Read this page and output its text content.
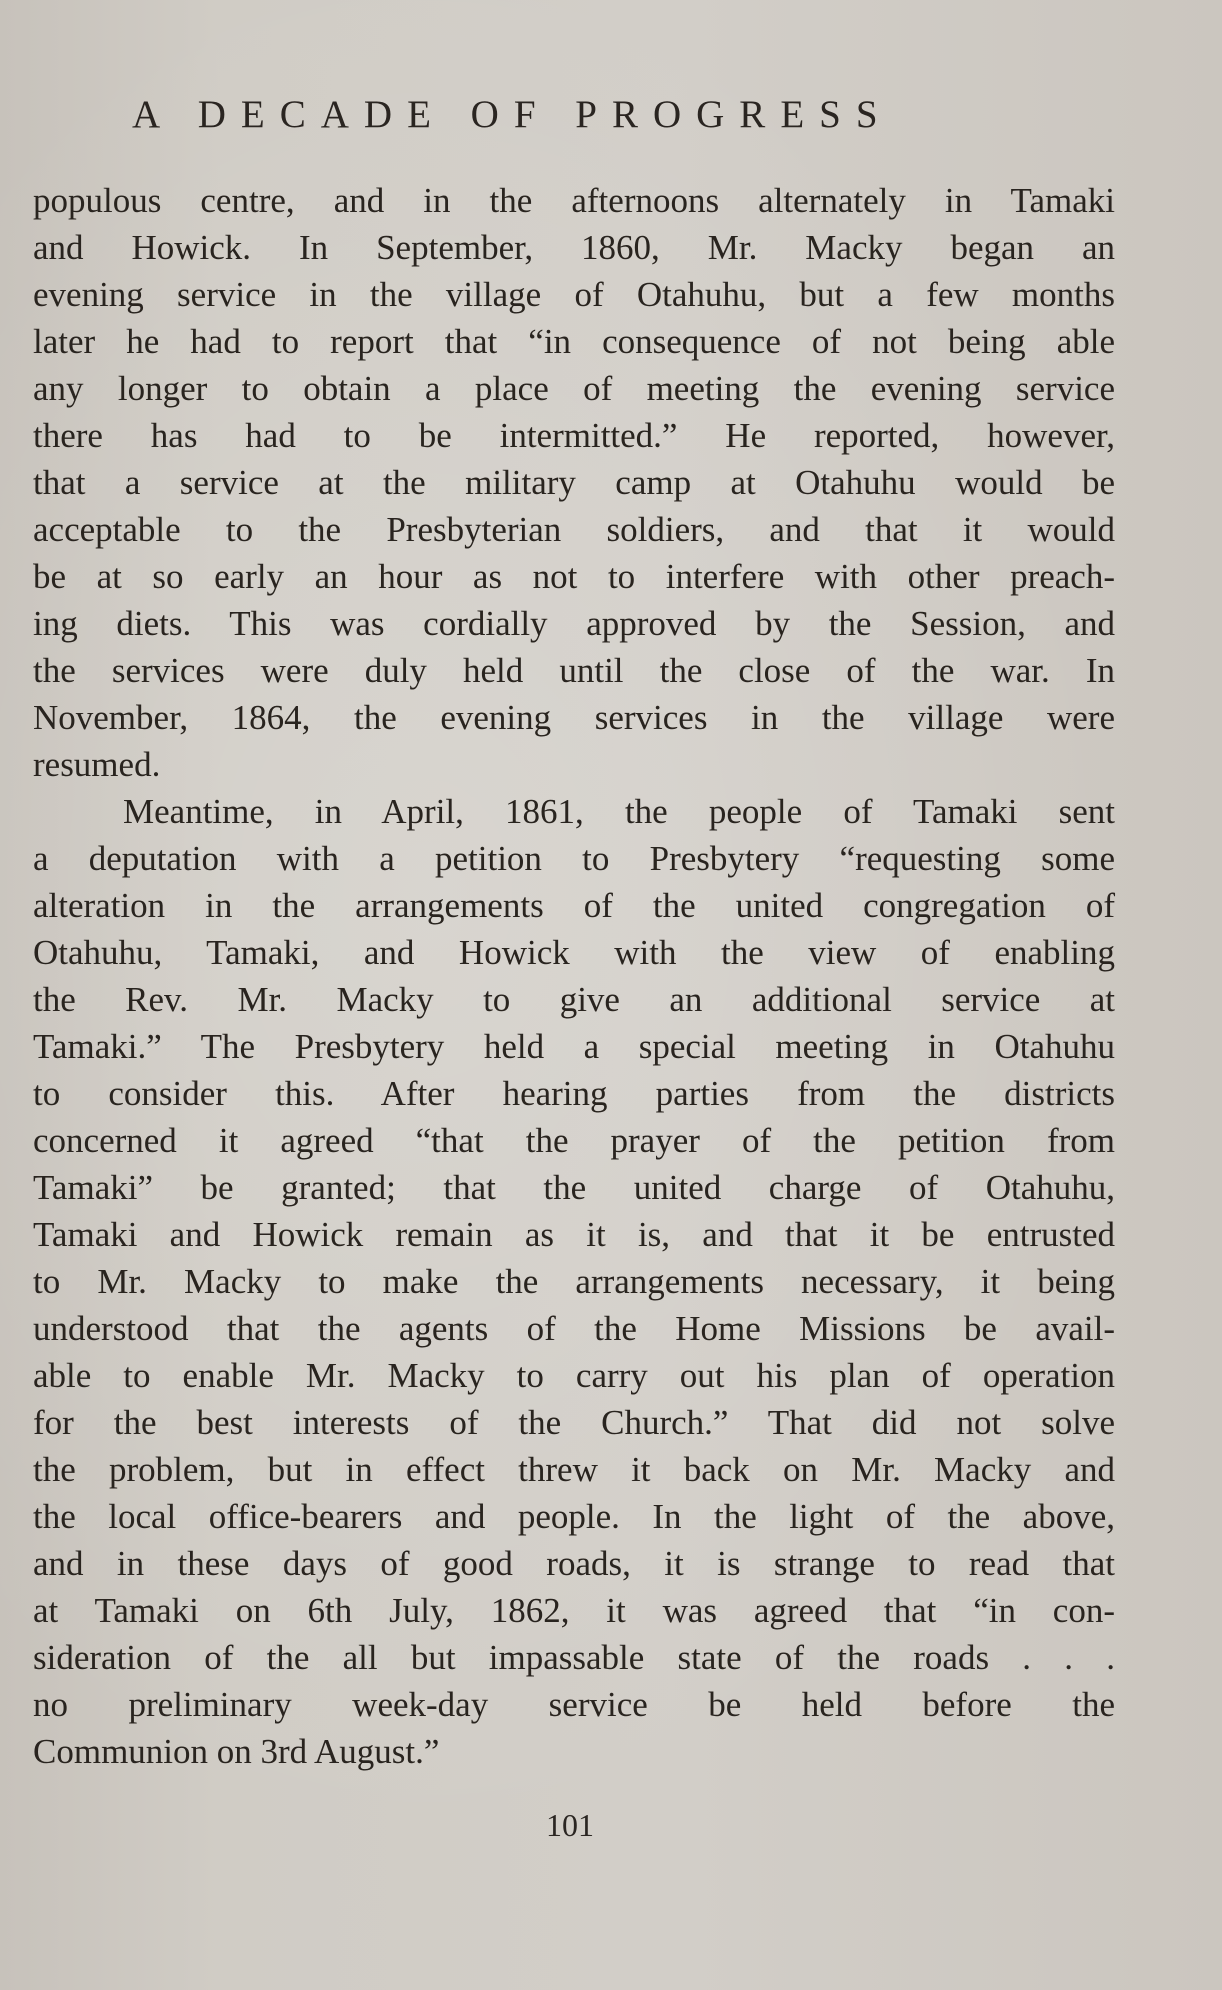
A DECADE OF PROGRESS
populous centre, and in the afternoons alternately in Tamaki
and Howick. In September, 1860, Mr. Macky began an
evening service in the village of Otahuhu, but a few months
later he had to report that “in consequence of not being able
any longer to obtain a place of meeting the evening service
there has had to be intermitted.” He reported, however,
that a service at the military camp at Otahuhu would be
acceptable to the Presbyterian soldiers, and that it would
be at so early an hour as not to interfere with other preach-
ing diets. This was cordially approved by the Session, and
the services were duly held until the close of the war. In
November, 1864, the evening services in the village were
resumed.
Meantime, in April, 1861, the people of Tamaki sent
a deputation with a petition to Presbytery “requesting some
alteration in the arrangements of the united congregation of
Otahuhu, Tamaki, and Howick with the view of enabling
the Rev. Mr. Macky to give an additional service at
Tamaki.” The Presbytery held a special meeting in Otahuhu
to consider this. After hearing parties from the districts
concerned it agreed “that the prayer of the petition from
Tamaki” be granted; that the united charge of Otahuhu,
Tamaki and Howick remain as it is, and that it be entrusted
to Mr. Macky to make the arrangements necessary, it being
understood that the agents of the Home Missions be avail-
able to enable Mr. Macky to carry out his plan of operation
for the best interests of the Church.” That did not solve
the problem, but in effect threw it back on Mr. Macky and
the local office-bearers and people. In the light of the above,
and in these days of good roads, it is strange to read that
at Tamaki on 6th July, 1862, it was agreed that “in con-
sideration of the all but impassable state of the roads . . .
no preliminary week-day service be held before the
Communion on 3rd August.”
101
